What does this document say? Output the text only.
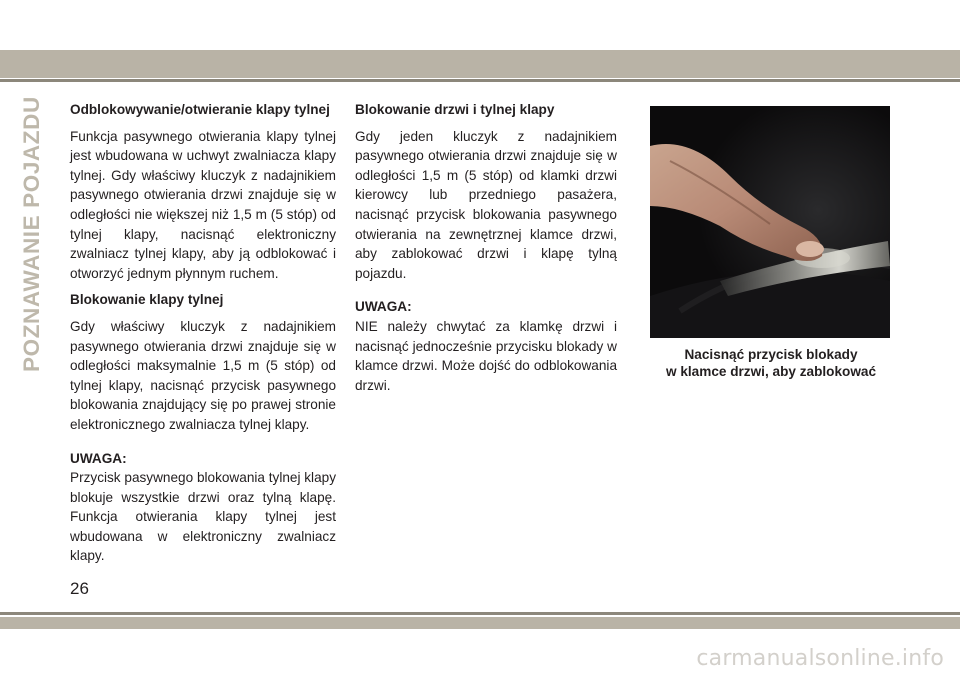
POZNAWANIE POJAZDU Odblokowywanie/otwieranie klapy tylnej

Funkcja pasywnego otwierania klapy tylnej jest wbudowana w uchwyt zwalniacza klapy tylnej. Gdy właściwy kluczyk z nadajnikiem pasywnego otwierania drzwi znajduje się w odległości nie większej niż 1,5 m (5 stóp) od tylnej klapy, nacisnąć elektroniczny zwalniacz tylnej klapy, aby ją odblokować i otworzyć jednym płynnym ruchem.

Blokowanie klapy tylnej

Gdy właściwy kluczyk z nadajnikiem pasywnego otwierania drzwi znajduje się w odległości maksymalnie 1,5 m (5 stóp) od tylnej klapy, nacisnąć przycisk pasywnego blokowania znajdujący się po prawej stronie elektronicznego zwalniacza tylnej klapy.

UWAGA:

Przycisk pasywnego blokowania tylnej klapy blokuje wszystkie drzwi oraz tylną klapę. Funkcja otwierania klapy tylnej jest wbudowana w elektroniczny zwalniacz klapy.

Blokowanie drzwi i tylnej klapy

Gdy jeden kluczyk z nadajnikiem pasywnego otwierania drzwi znajduje się w odległości 1,5 m (5 stóp) od klamki drzwi kierowcy lub przedniego pasażera, nacisnąć przycisk blokowania pasywnego otwierania na zewnętrznej klamce drzwi, aby zablokować drzwi i klapę tylną pojazdu.

UWAGA:

NIE należy chwytać za klamkę drzwi i nacisnąć jednocześnie przycisku blokady w klamce drzwi. Może dojść do odblokowania drzwi.

Nacisnąć przycisk blokady
w klamce drzwi, aby zablokować
26
carmanualsonline.info
